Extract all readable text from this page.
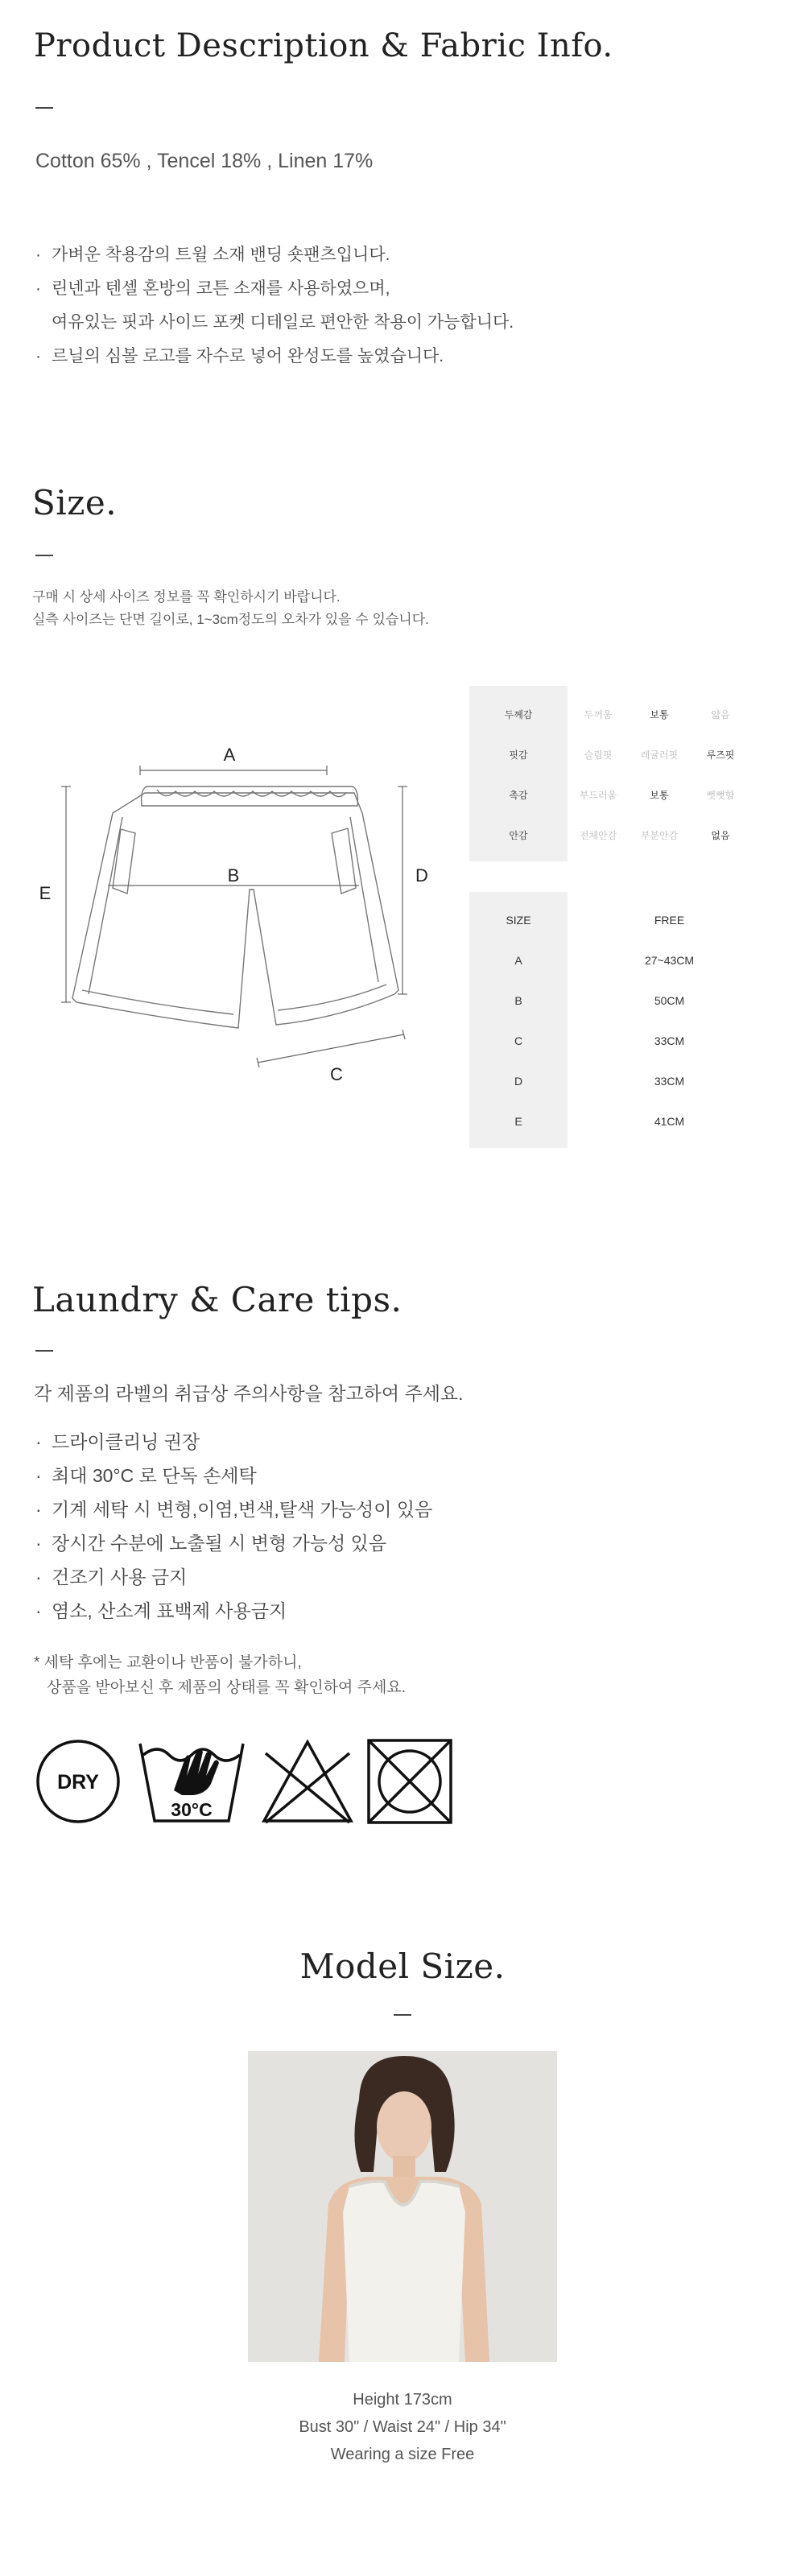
Product Description & Fabric Info.

Cotton 65% , Tencel 18% , Linen 17%

· 가벼운 착용감의 트윌 소재 밴딩 숏팬츠입니다.
· 린넨과 텐셀 혼방의 코튼 소재를 사용하였으며,
여유있는 핏과 사이드 포켓 디테일로 편안한 착용이 가능합니다.
· 르닐의 심볼 로고를 자수로 넣어 완성도를 높였습니다.
Size.
구매 시 상세 사이즈 정보를 꼭 확인하시기 바랍니다.
실측 사이즈는 단면 길이로, 1~3cm정도의 오차가 있을 수 있습니다.
A
B
C
D
E
두께감	두꺼움	보통	얇음
핏감	슬림핏	레귤러핏	루즈핏
촉감	부드러움	보통	뻣뻣함
안감	전체안감	부분안감	없음
SIZE	FREE
A	27~43CM
B	50CM
C	33CM
D	33CM
E	41CM
Laundry & Care tips.

각 제품의 라벨의 취급상 주의사항을 참고하여 주세요.

· 드라이클리닝 권장
· 최대 30°C 로 단독 손세탁
· 기계 세탁 시 변형,이염,변색,탈색 가능성이 있음
· 장시간 수분에 노출될 시 변형 가능성 있음
· 건조기 사용 금지
· 염소, 산소계 표백제 사용금지
* 세탁 후에는 교환이나 반품이 불가하니,
상품을 받아보신 후 제품의 상태를 꼭 확인하여 주세요.
DRY
30°C
Model Size.
Height 173cm
Bust 30" / Waist 24" / Hip 34"
Wearing a size Free
